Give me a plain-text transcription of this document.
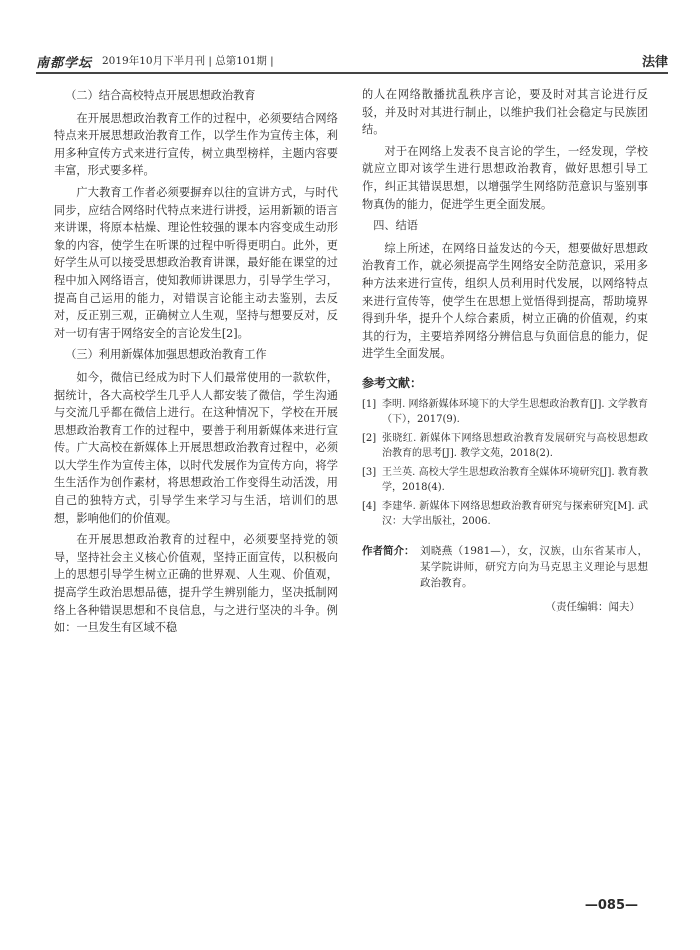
南都学坛 2019年10月下半月刊 | 总第101期 |	法律

（二）结合高校特点开展思想政治教育

在开展思想政治教育工作的过程中，必须要结合网络特点来开展思想政治教育工作，以学生作为宣传主体，利用多种宣传方式来进行宣传，树立典型榜样，主题内容要丰富，形式要多样。

广大教育工作者必须要摒弃以往的宣讲方式，与时代同步，应结合网络时代特点来进行讲授，运用新颖的语言来讲课，将原本枯燥、理论性较强的课本内容变成生动形象的内容，使学生在听课的过程中听得更明白。此外，更好学生从可以接受思想政治教育讲课，最好能在课堂的过程中加入网络语言，使知教师讲课思力，引导学生学习，提高自己运用的能力，对错误言论能主动去鉴别，去反对，反正别三观，正确树立人生观，坚持与想要反对，反对一切有害于网络安全的言论发生[2]。

（三）利用新媒体加强思想政治教育工作

如今，微信已经成为时下人们最常使用的一款软件，据统计，各大高校学生几乎人人都安装了微信，学生沟通与交流几乎都在微信上进行。在这种情况下，学校在开展思想政治教育工作的过程中，要善于利用新媒体来进行宣传。广大高校在新媒体上开展思想政治教育过程中，必须以大学生作为宣传主体，以时代发展作为宣传方向，将学生生活作为创作素材，将思想政治工作变得生动活泼，用自己的独特方式，引导学生来学习与生活，培训们的思想，影响他们的价值观。

在开展思想政治教育的过程中，必须要坚持党的领导，坚持社会主义核心价值观，坚持正面宣传，以积极向上的思想引导学生树立正确的世界观、人生观、价值观，提高学生政治思想品德，提升学生辨别能力，坚决抵制网络上各种错误思想和不良信息，与之进行坚决的斗争。例如：一旦发生有区域不稳

的人在网络散播扰乱秩序言论，要及时对其言论进行反驳，并及时对其进行制止，以维护我们社会稳定与民族团结。

对于在网络上发表不良言论的学生，一经发现，学校就应立即对该学生进行思想政治教育，做好思想引导工作，纠正其错误思想，以增强学生网络防范意识与鉴别事物真伪的能力，促进学生更全面发展。

四、结语

综上所述，在网络日益发达的今天，想要做好思想政治教育工作，就必须提高学生网络安全防范意识，采用多种方法来进行宣传，组织人员利用时代发展，以网络特点来进行宣传等，使学生在思想上觉悟得到提高，帮助境界得到升华，提升个人综合素质，树立正确的价值观，约束其的行为，主要培养网络分辨信息与负面信息的能力，促进学生全面发展。

参考文献：
[1] 李明. 网络新媒体环境下的大学生思想政治教育[J]. 文学教育（下），2017(9).
[2] 张晓红. 新媒体下网络思想政治教育发展研究与高校思想政治教育的思考[J]. 教学文苑，2018(2).
[3] 王兰英. 高校大学生思想政治教育全媒体环境研究[J]. 教育教学，2018(4).
[4] 李建华. 新媒体下网络思想政治教育研究与探索研究[M]. 武汉：大学出版社，2006.
作者简介： 刘晓燕（1981—），女，汉族，山东省某市人，某学院讲师，研究方向为马克思主义理论与思想政治教育。
（责任编辑：闻夫）
—085—
